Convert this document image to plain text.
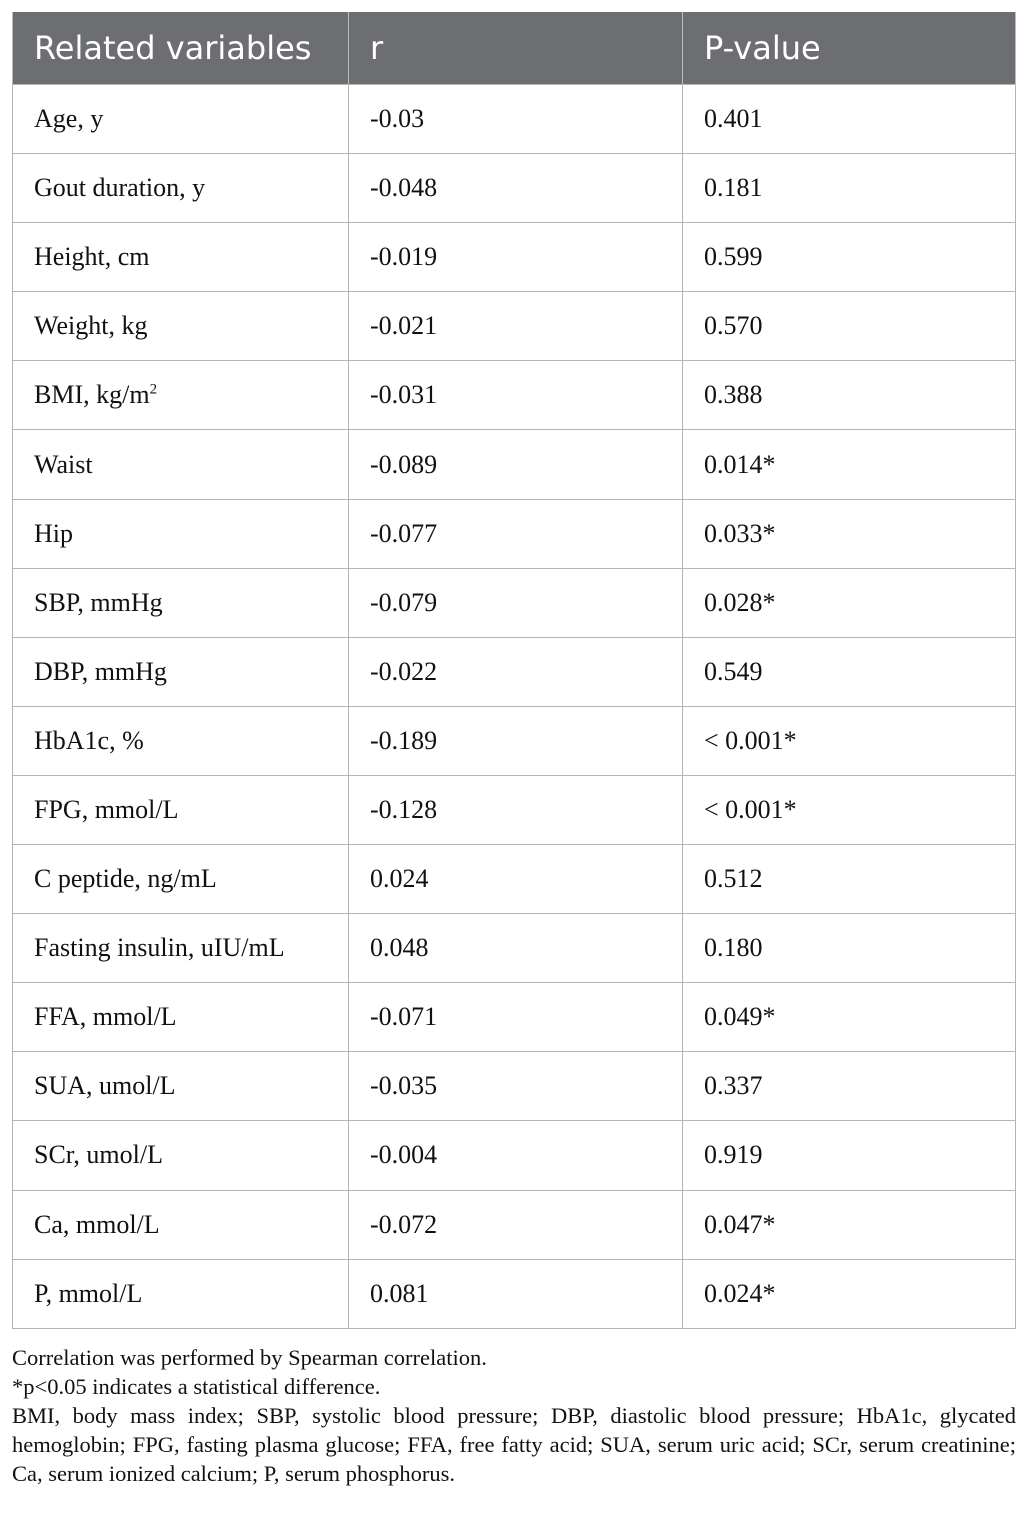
Related variables	r	P-value
Age, y	-0.03	0.401
Gout duration, y	-0.048	0.181
Height, cm	-0.019	0.599
Weight, kg	-0.021	0.570
BMI, $kg/m^2$	-0.031	0.388
Waist	-0.089	0.014*
Hip	-0.077	0.033*
SBP, mmHg	-0.079	0.028*
DBP, mmHg	-0.022	0.549
HbA1c, %	-0.189	< 0.001*
FPG, mmol/L	-0.128	< 0.001*
C peptide, ng/mL	0.024	0.512
Fasting insulin, uIU/mL	0.048	0.180
FFA, mmol/L	-0.071	0.049*
SUA, umol/L	-0.035	0.337
SCr, umol/L	-0.004	0.919
Ca, mmol/L	-0.072	0.047*
P, mmol/L	0.081	0.024*

Correlation was performed by Spearman correlation.

*p<0.05 indicates a statistical difference.

BMI, body mass index; SBP, systolic blood pressure; DBP, diastolic blood pressure; HbA1c, glycated hemoglobin; FPG, fasting plasma glucose; FFA, free fatty acid; SUA, serum uric acid; SCr, serum creatinine; Ca, serum ionized calcium; P, serum phosphorus.
